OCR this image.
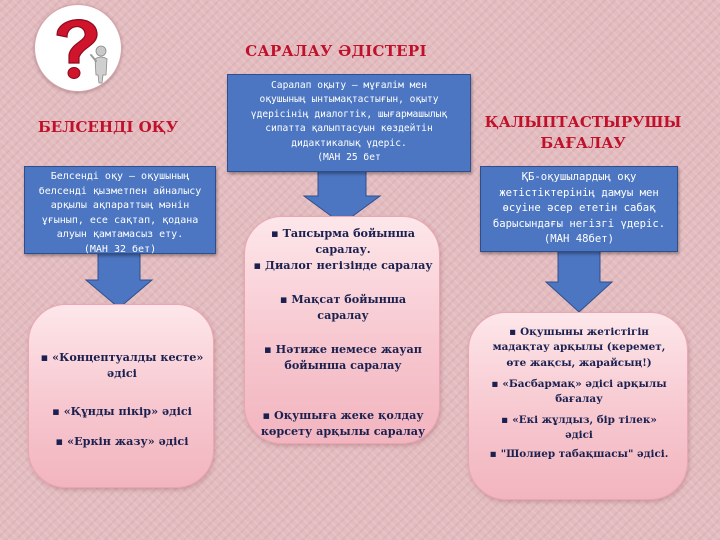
САРАЛАУ ӘДІСТЕРІ
БЕЛСЕНДІ ОҚУ	ҚАЛЫПТАСТЫРУШЫ
БАҒАЛАУ
Саралап оқыту – мұғалім мен
оқушының ынтымақтастығын, оқыту
үдерісінің диалогтік, шығармашылық
сипатта қалыптасуын көздейтін
дидактикалық үдеріс.
(МАН 25 бет
Белсенді оқу – оқушының
белсенді қызметпен айналысу
арқылы ақпараттың мәнін
ұғынып, есе сақтап, қодана
алуын қамтамасыз ету.
(МАН 32 бет)
ҚБ-оқушылардың оқу
жетістіктерінің дамуы мен
өсуіне әсер ететін сабақ
барысындағы негізгі үдеріс.
(МАН 48бет)
▪ «Концептуалды кесте»
әдісі
▪ «Құнды пікір» әдісі
▪ «Еркін жазу» әдісі
▪ Тапсырма бойынша
саралау.
▪ Диалог негізінде саралау
▪ Мақсат бойынша
саралау
▪ Нәтиже немесе жауап
бойынша саралау
▪ Оқушыға жеке қолдау
көрсету арқылы саралау
▪ Оқушыны жетістігін
мадақтау арқылы (керемет,
өте жақсы, жарайсың!)
▪ «Басбармақ» әдісі арқылы
бағалау
▪ «Екі жұлдыз, бір тілек»
әдісі
▪ "Шолиер табақшасы" әдісі.
